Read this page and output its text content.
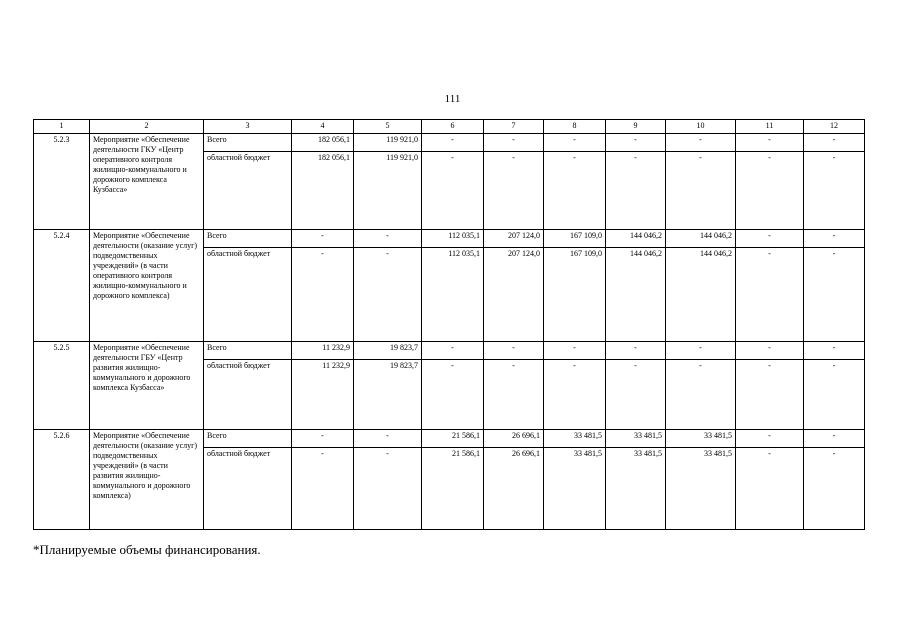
111
1	2	3	4	5	6	7	8	9	10	11	12
5.2.3	Мероприятие «Обеспечение деятельности ГКУ «Центр оперативного контроля жилищно-коммунального и дорожного комплекса Кузбасса»	Всего	182 056,1	119 921,0	-	-	-	-	-	-	-
		областной бюджет	182 056,1	119 921,0	-	-	-	-	-	-	-
5.2.4	Мероприятие «Обеспечение деятельности (оказание услуг) подведомственных учреждений» (в части оперативного контроля жилищно-коммунального и дорожного комплекса)	Всего	-	-	112 035,1	207 124,0	167 109,0	144 046,2	144 046,2	-	-
		областной бюджет	-	-	112 035,1	207 124,0	167 109,0	144 046,2	144 046,2	-	-
5.2.5	Мероприятие «Обеспечение деятельности ГБУ «Центр развития жилищно-коммунального и дорожного комплекса Кузбасса»	Всего	11 232,9	19 823,7	-	-	-	-	-	-	-
		областной бюджет	11 232,9	19 823,7	-	-	-	-	-	-	-
5.2.6	Мероприятие «Обеспечение деятельности (оказание услуг) подведомственных учреждений» (в части развития жилищно-коммунального и дорожного комплекса)	Всего	-	-	21 586,1	26 696,1	33 481,5	33 481,5	33 481,5	-	-
		областной бюджет	-	-	21 586,1	26 696,1	33 481,5	33 481,5	33 481,5	-	-
*Планируемые объемы финансирования.
